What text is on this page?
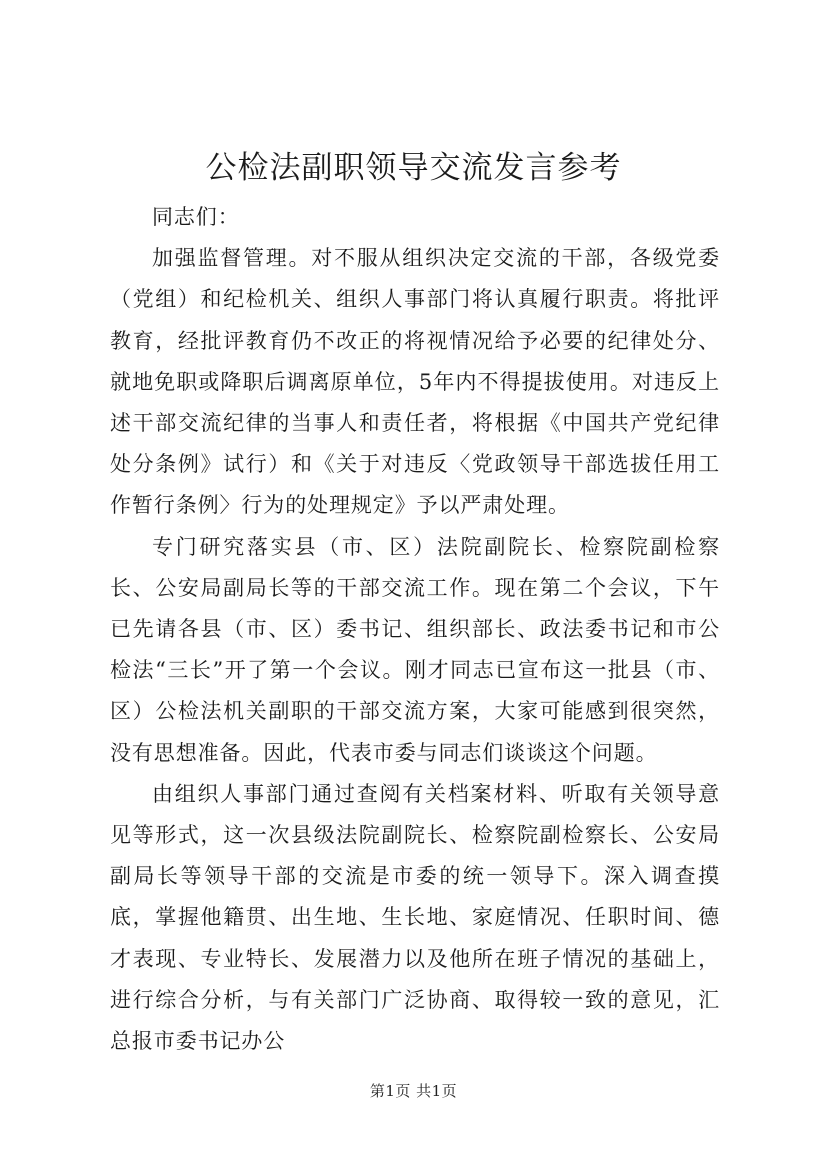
公检法副职领导交流发言参考

同志们：

加强监督管理。对不服从组织决定交流的干部，各级党委（党组）和纪检机关、组织人事部门将认真履行职责。将批评教育，经批评教育仍不改正的将视情况给予必要的纪律处分、就地免职或降职后调离原单位，5年内不得提拔使用。对违反上述干部交流纪律的当事人和责任者，将根据《中国共产党纪律处分条例》试行）和《关于对违反〈党政领导干部选拔任用工作暂行条例〉行为的处理规定》予以严肃处理。

专门研究落实县（市、区）法院副院长、检察院副检察长、公安局副局长等的干部交流工作。现在第二个会议，下午已先请各县（市、区）委书记、组织部长、政法委书记和市公检法“三长”开了第一个会议。刚才同志已宣布这一批县（市、区）公检法机关副职的干部交流方案，大家可能感到很突然，没有思想准备。因此，代表市委与同志们谈谈这个问题。

由组织人事部门通过查阅有关档案材料、听取有关领导意见等形式，这一次县级法院副院长、检察院副检察长、公安局副局长等领导干部的交流是市委的统一领导下。深入调查摸底，掌握他籍贯、出生地、生长地、家庭情况、任职时间、德才表现、专业特长、发展潜力以及他所在班子情况的基础上，进行综合分析，与有关部门广泛协商、取得较一致的意见，汇总报市委书记办公

第1页 共1页
